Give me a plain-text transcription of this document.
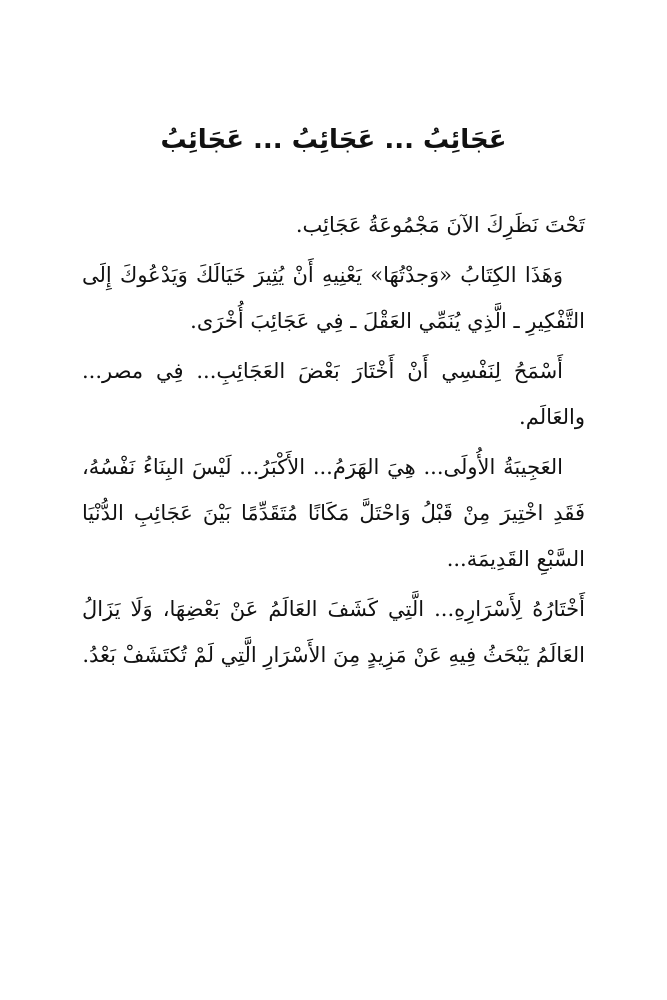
عَجَائِبُ ... عَجَائِبُ ... عَجَائِبُ

تَحْتَ نَظَرِكَ الآنَ مَجْمُوعَةُ عَجَائِب.

وَهَذَا الكِتَابُ «وَجدْتُهَا» يَعْنِيهِ أَنْ يُثِيرَ خَيَالَكَ وَيَدْعُوكَ إِلَى التَّفْكِيرِ ـ الَّذِي يُنَمِّي العَقْلَ ـ فِي عَجَائِبَ أُخْرَى.

أَسْمَحُ لِنَفْسِي أَنْ أَخْتَارَ بَعْضَ العَجَائِبِ... فِي مصر... والعَالَم.

العَجِيبَةُ الأُولَى... هِيَ الهَرَمُ... الأَكْبَرُ... لَيْسَ البِنَاءُ نَفْسُهُ، فَقَدِ اخْتِيرَ مِنْ قَبْلُ وَاحْتَلَّ مَكَانًا مُتَقَدِّمًا بَيْنَ عَجَائِبِ الدُّنْيَا السَّبْعِ القَدِيمَة...

أَخْتَارُهُ لِأَسْرَارِهِ... الَّتِي كَشَفَ العَالَمُ عَنْ بَعْضِهَا، وَلَا يَزَالُ العَالَمُ يَبْحَثُ فِيهِ عَنْ مَزِيدٍ مِنَ الأَسْرَارِ الَّتِي لَمْ تُكتَشَفْ بَعْدُ.
